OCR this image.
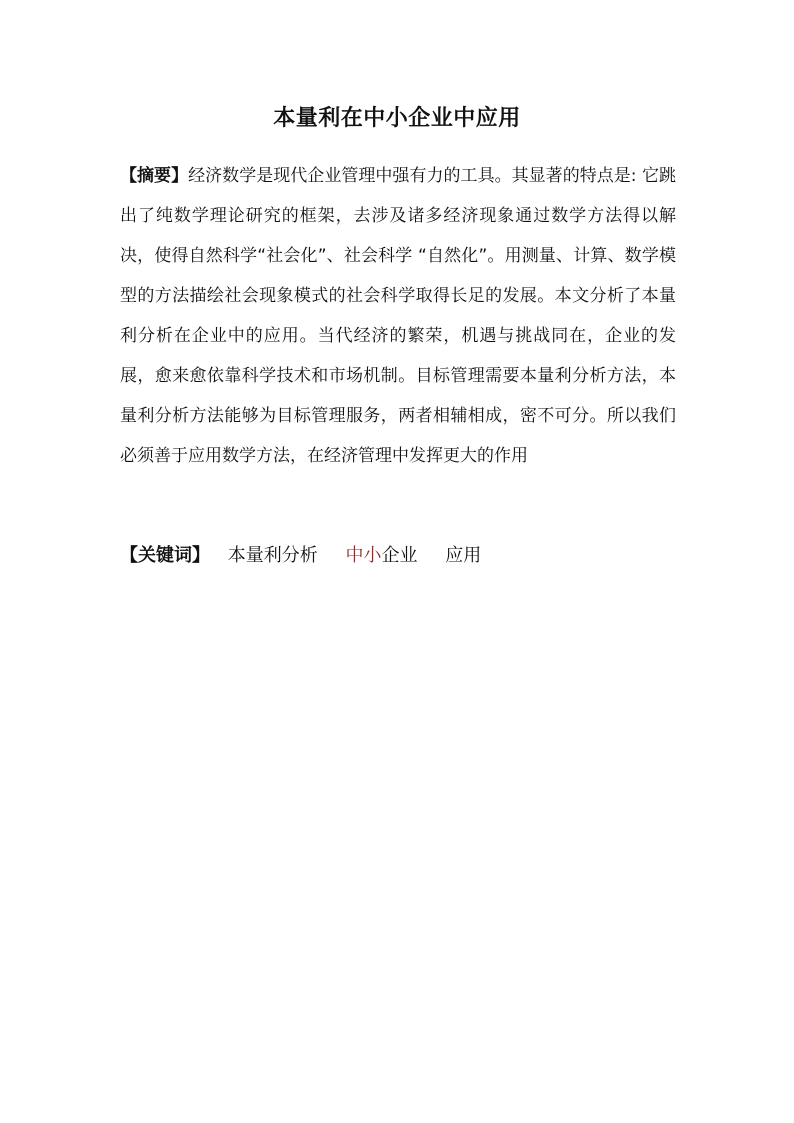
本量利在中小企业中应用

【摘要】经济数学是现代企业管理中强有力的工具。其显著的特点是: 它跳出了纯数学理论研究的框架，去涉及诸多经济现象通过数学方法得以解决，使得自然科学“社会化”、社会科学 “自然化”。用测量、计算、数学模型的方法描绘社会现象模式的社会科学取得长足的发展。本文分析了本量利分析在企业中的应用。当代经济的繁荣，机遇与挑战同在，企业的发展，愈来愈依靠科学技术和市场机制。目标管理需要本量利分析方法，本量利分析方法能够为目标管理服务，两者相辅相成，密不可分。所以我们必须善于应用数学方法，在经济管理中发挥更大的作用

【关键词】 本量利分析 中小企业 应用
